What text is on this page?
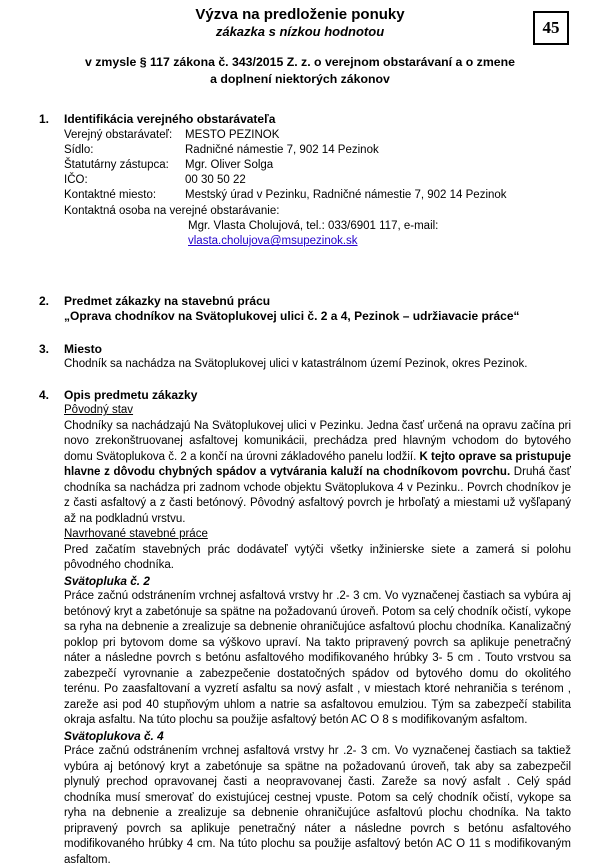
45
Výzva na predloženie ponuky
zákazka s nízkou hodnotou
v zmysle § 117 zákona č. 343/2015 Z. z. o verejnom obstarávaní a o zmene
a doplnení niektorých zákonov
1.	Identifikácia verejného obstarávateľa
Verejný obstarávateľ:	MESTO PEZINOK
Sídlo:	Radničné námestie 7, 902 14 Pezinok
Štatutárny zástupca:	Mgr. Oliver Solga
IČO:	00 30 50 22
Kontaktné miesto:	Mestský úrad v Pezinku, Radničné námestie 7, 902 14 Pezinok
Kontaktná osoba na verejné obstarávanie:
Mgr. Vlasta Cholujová, tel.: 033/6901 117, e-mail:
vlasta.cholujova@msupezinok.sk
2.	Predmet zákazky na stavebnú prácu
„Oprava chodníkov na Svätoplukovej ulici č. 2 a 4, Pezinok – udržiavacie práce“
3.	Miesto
Chodník sa nachádza na Svätoplukovej ulici v katastrálnom území Pezinok, okres Pezinok.
4.	Opis predmetu zákazky
Pôvodný stav
Chodníky sa nachádzajú Na Svätoplukovej ulici v Pezinku. Jedna časť určená na opravu začína pri novo zrekonštruovanej asfaltovej komunikácii, prechádza pred hlavným vchodom do bytového domu Svätoplukova č. 2 a končí na úrovni základového panelu lodžií. K tejto oprave sa pristupuje hlavne z dôvodu chybných spádov a vytvárania kaluží na chodníkovom povrchu. Druhá časť chodníka sa nachádza pri zadnom vchode objektu Svätoplukova 4 v Pezinku.. Povrch chodníkov je z časti asfaltový a z časti betónový. Pôvodný asfaltový povrch je hrboľatý a miestami už vyšľapaný až na podkladnú vrstvu.
Navrhované stavebné práce
Pred začatím stavebných prác dodávateľ vytýči všetky inžinierske siete a zamerá si polohu pôvodného chodníka.
Svätopluka č. 2
Práce začnú odstránením vrchnej asfaltová vrstvy hr .2- 3 cm. Vo vyznačenej častiach sa vybúra aj betónový kryt a zabetónuje sa spätne na požadovanú úroveň. Potom sa celý chodník očistí, vykope sa ryha na debnenie a zrealizuje sa debnenie ohraničujúce asfaltovú plochu chodníka. Kanalizačný poklop pri bytovom dome sa výškovo upraví. Na takto pripravený povrch sa aplikuje penetračný náter a následne povrch s betónu asfaltového modifikovaného hrúbky 3- 5 cm . Touto vrstvou sa zabezpečí vyrovnanie a zabezpečenie dostatočných spádov od bytového domu do okolitého terénu. Po zaasfaltovaní a vyzretí asfaltu sa nový asfalt , v miestach ktoré nehraničia s terénom , zareže asi pod 40 stupňovým uhlom a natrie sa asfaltovou emulziou. Tým sa zabezpečí stabilita okraja asfaltu. Na túto plochu sa použije asfaltový betón AC O 8 s modifikovaným asfaltom.
Svätoplukova č. 4
Práce začnú odstránením vrchnej asfaltová vrstvy hr .2- 3 cm. Vo vyznačenej častiach sa taktiež vybúra aj betónový kryt a zabetónuje sa spätne na požadovanú úroveň, tak aby sa zabezpečil plynulý prechod opravovanej časti a neopravovanej časti. Zareže sa nový asfalt . Celý spád chodníka musí smerovať do existujúcej cestnej vpuste. Potom sa celý chodník očistí, vykope sa ryha na debnenie a zrealizuje sa debnenie ohraničujúce asfaltovú plochu chodníka. Na takto pripravený povrch sa aplikuje penetračný náter a následne povrch s betónu asfaltového modifikovaného hrúbky 4 cm. Na túto plochu sa použije asfaltový betón AC O 11 s modifikovaným asfaltom.
